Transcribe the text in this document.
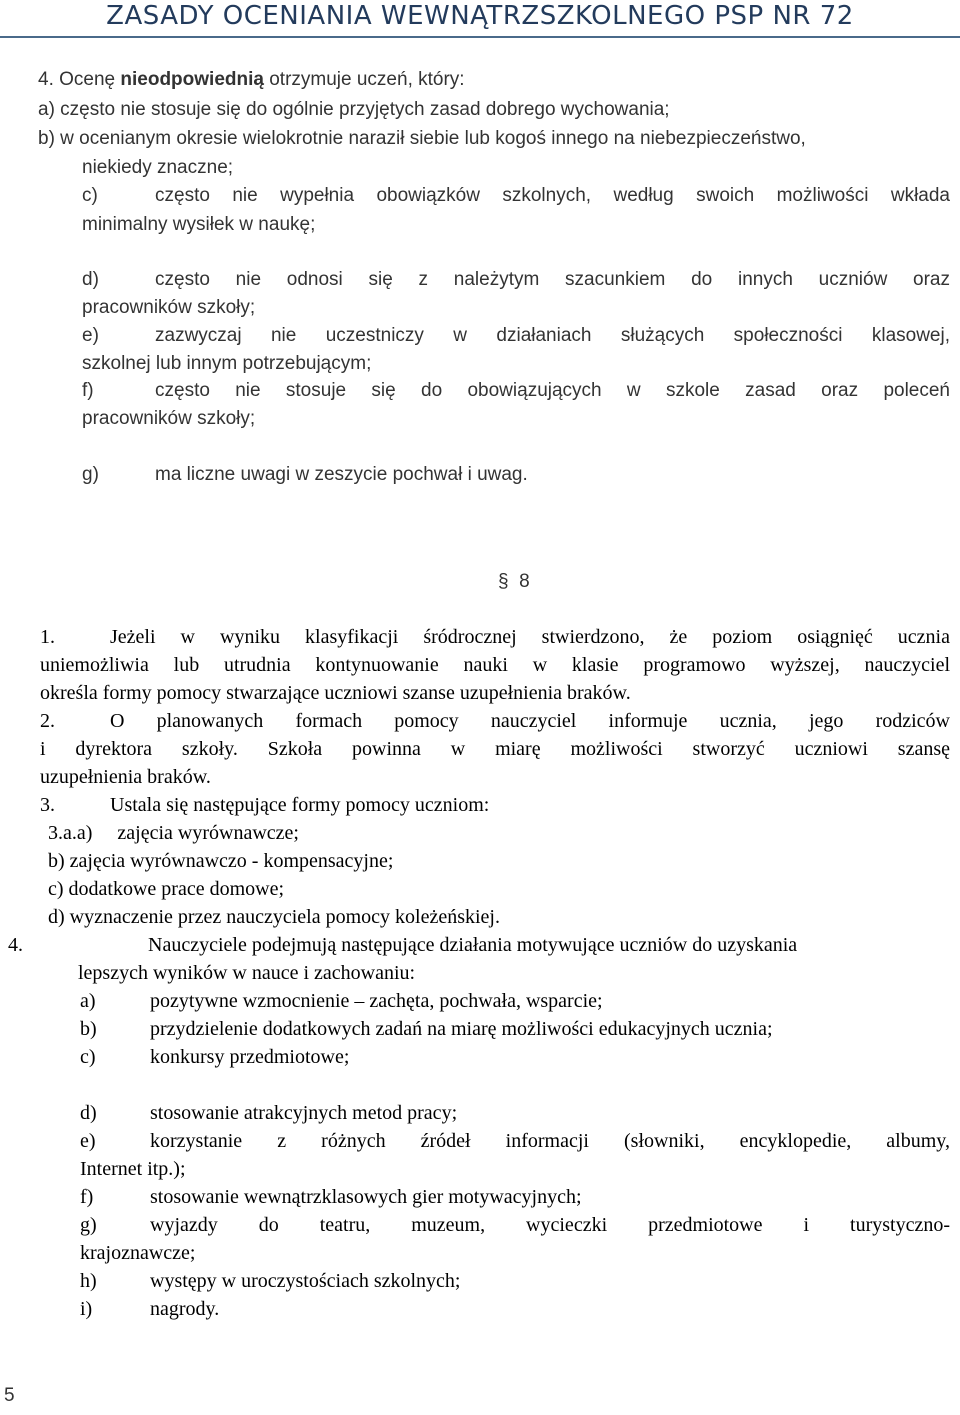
ZASADY OCENIANIA WEWNĄTRZSZKOLNEGO PSP NR 72
4. Ocenę nieodpowiednią otrzymuje uczeń, który:
a) często nie stosuje się do ogólnie przyjętych zasad dobrego wychowania;
b) w ocenianym okresie wielokrotnie naraził siebie lub kogoś innego na niebezpieczeństwo,
niekiedy znaczne;
c)	często nie wypełnia obowiązków szkolnych, według swoich możliwości wkłada
minimalny wysiłek w naukę;
d)	często nie odnosi się z należytym szacunkiem do innych uczniów oraz
pracowników szkoły;
e)	zazwyczaj nie uczestniczy w działaniach służących społeczności klasowej,
szkolnej lub innym potrzebującym;
f)	często nie stosuje się do obowiązujących w szkole zasad oraz poleceń
pracowników szkoły;
g)	ma liczne uwagi w zeszycie pochwał i uwag.
§ 8
1.	Jeżeli w wyniku klasyfikacji śródrocznej stwierdzono, że poziom osiągnięć ucznia
uniemożliwia lub utrudnia kontynuowanie nauki w klasie programowo wyższej, nauczyciel
określa formy pomocy stwarzające uczniowi szanse uzupełnienia braków.
2.	O planowanych formach pomocy nauczyciel informuje ucznia, jego rodziców
i dyrektora szkoły. Szkoła powinna w miarę możliwości stworzyć uczniowi szansę
uzupełnienia braków.
3.	Ustala się następujące formy pomocy uczniom:
3.a.a)     zajęcia wyrównawcze;
b) zajęcia wyrównawczo - kompensacyjne;
c) dodatkowe prace domowe;
d) wyznaczenie przez nauczyciela pomocy koleżeńskiej.
4.	Nauczyciele podejmują następujące działania motywujące uczniów do uzyskania
lepszych wyników w nauce i zachowaniu:
a)	pozytywne wzmocnienie – zachęta, pochwała, wsparcie;
b)	przydzielenie dodatkowych zadań na miarę możliwości edukacyjnych ucznia;
c)	konkursy przedmiotowe;
d)	stosowanie atrakcyjnych metod pracy;
e)	korzystanie z różnych źródeł informacji (słowniki, encyklopedie, albumy,
Internet itp.);
f)	stosowanie wewnątrzklasowych gier motywacyjnych;
g)	wyjazdy do teatru, muzeum, wycieczki przedmiotowe i turystyczno-
krajoznawcze;
h)	występy w uroczystościach szkolnych;
i)	nagrody.
5
